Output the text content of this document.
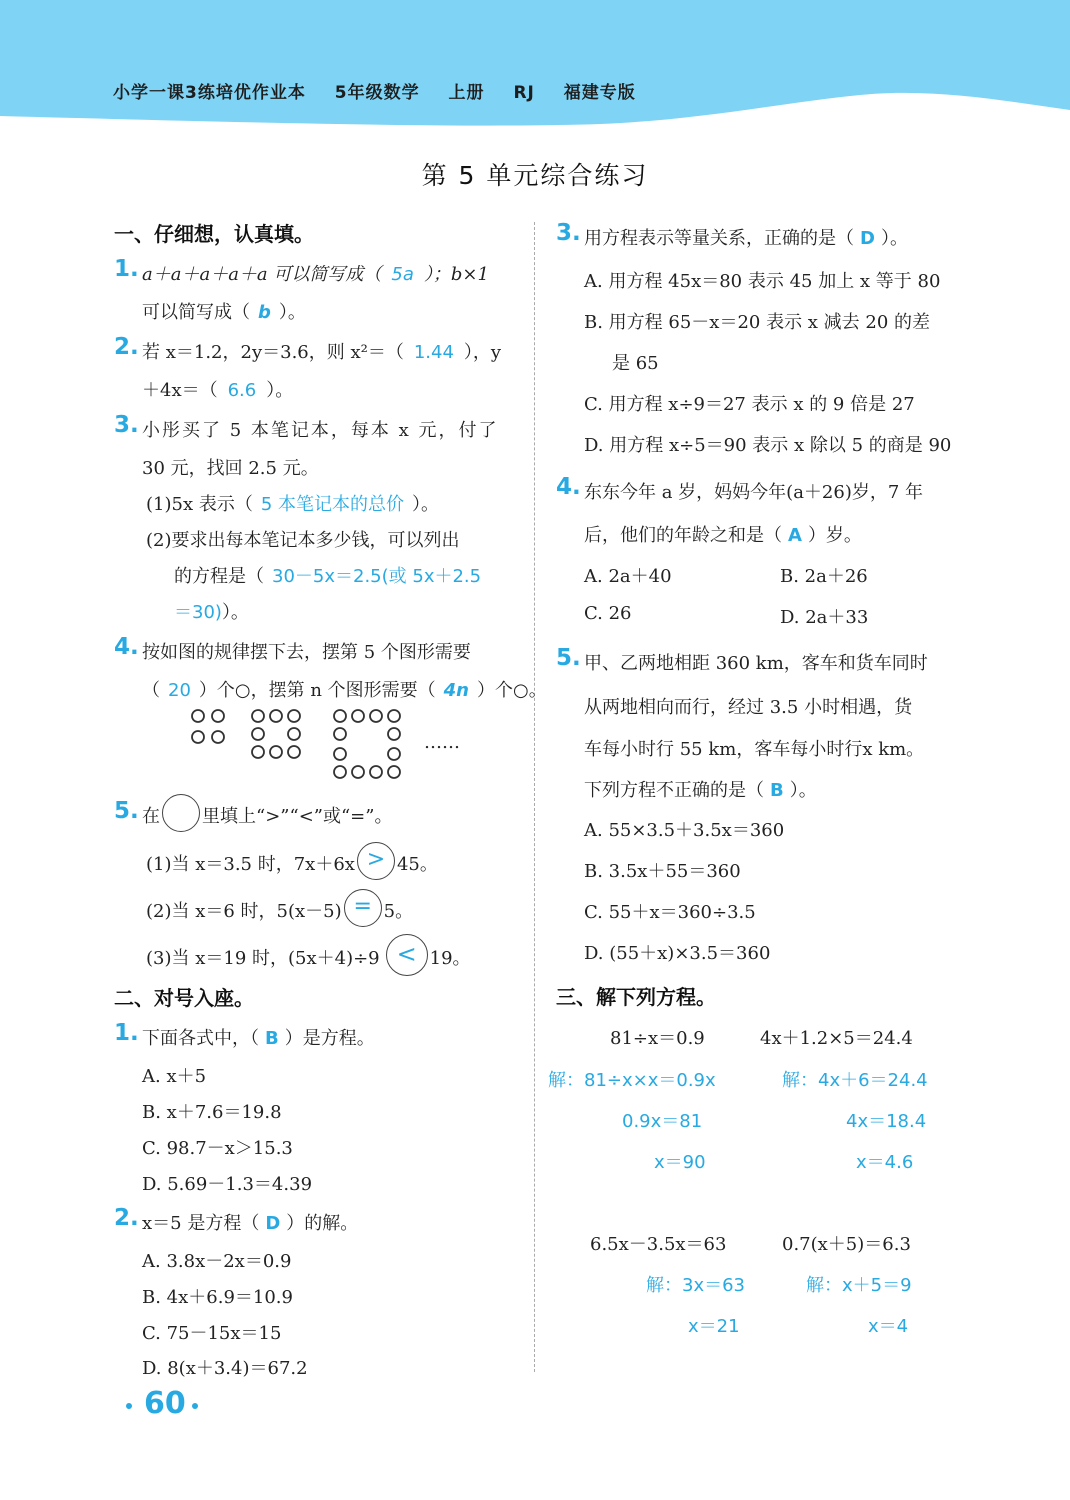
小学一课3练培优作业本 5年级数学 上册 RJ 福建专版
第 5 单元综合练习
一、仔细想，认真填。
1. a＋a＋a＋a＋a 可以简写成（ 5a ）；b×1
可以简写成（ b ）。
2. 若 x＝1.2，2y＝3.6，则 x²＝（ 1.44 ），y
＋4x＝（ 6.6 ）。
3. 小彤买了 5 本笔记本，每本 x 元，付了
30 元，找回 2.5 元。
(1)5x 表示（ 5 本笔记本的总价 ）。
(2)要求出每本笔记本多少钱，可以列出
的方程是（ 30－5x＝2.5(或 5x＋2.5
＝30)）。
4. 按如图的规律摆下去，摆第 5 个图形需要
（ 20 ）个○，摆第 n 个图形需要（ 4n ）个○。
……
5. 在 里填上“>”“<”或“=”。
(1)当 x＝3.5 时，7x＋6x > 45。
(2)当 x＝6 时，5(x－5) = 5。
(3)当 x＝19 时，(5x＋4)÷9 < 19。
二、对号入座。
1. 下面各式中，（ B ）是方程。
A. x＋5
B. x＋7.6＝19.8
C. 98.7－x＞15.3
D. 5.69－1.3＝4.39
2. x＝5 是方程（ D ）的解。
A. 3.8x－2x＝0.9
B. 4x＋6.9＝10.9
C. 75－15x＝15
D. 8(x＋3.4)＝67.2
3. 用方程表示等量关系，正确的是（ D ）。
A. 用方程 45x＝80 表示 45 加上 x 等于 80
B. 用方程 65－x＝20 表示 x 减去 20 的差
是 65
C. 用方程 x÷9＝27 表示 x 的 9 倍是 27
D. 用方程 x÷5＝90 表示 x 除以 5 的商是 90
4. 东东今年 a 岁，妈妈今年(a＋26)岁，7 年
后，他们的年龄之和是（ A ）岁。
A. 2a＋40	B. 2a＋26
C. 26	D. 2a＋33
5. 甲、乙两地相距 360 km，客车和货车同时
从两地相向而行，经过 3.5 小时相遇，货
车每小时行 55 km，客车每小时行x km。
下列方程不正确的是（ B ）。
A. 55×3.5＋3.5x＝360
B. 3.5x＋55＝360
C. 55＋x＝360÷3.5
D. (55＋x)×3.5＝360
三、解下列方程。
81÷x＝0.9	4x＋1.2×5＝24.4
解：81÷x×x＝0.9x	解：4x＋6＝24.4
0.9x＝81	4x＝18.4
x＝90	x＝4.6
6.5x－3.5x＝63	0.7(x＋5)＝6.3
解：3x＝63	解：x＋5＝9
x＝21	x＝4
60
